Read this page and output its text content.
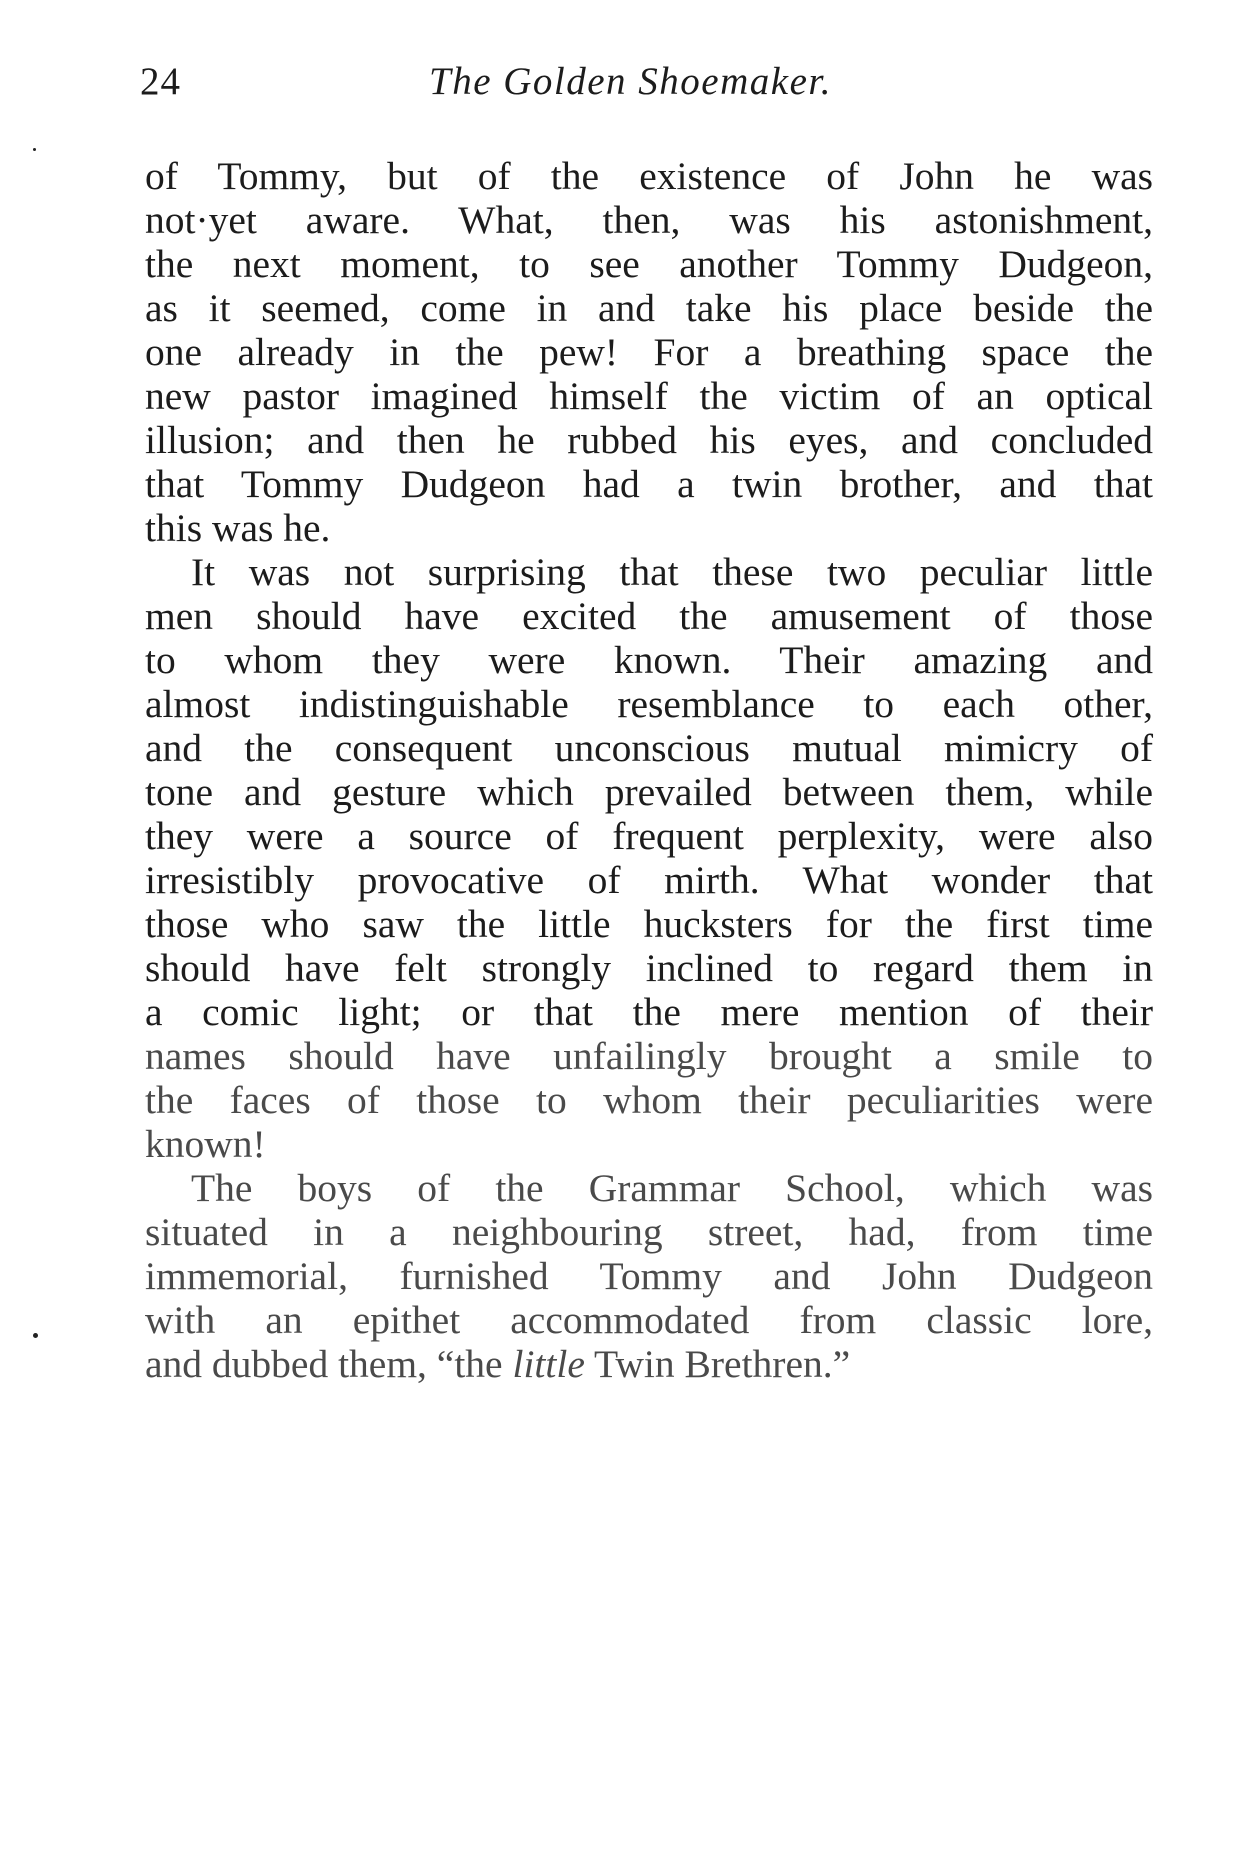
24	The Golden Shoemaker.
of Tommy, but of the existence of John he was
not·yet aware. What, then, was his astonishment,
the next moment, to see another Tommy Dudgeon,
as it seemed, come in and take his place beside the
one already in the pew! For a breathing space the
new pastor imagined himself the victim of an optical
illusion; and then he rubbed his eyes, and concluded
that Tommy Dudgeon had a twin brother, and that
this was he.
It was not surprising that these two peculiar little
men should have excited the amusement of those
to whom they were known. Their amazing and
almost indistinguishable resemblance to each other,
and the consequent unconscious mutual mimicry of
tone and gesture which prevailed between them, while
they were a source of frequent perplexity, were also
irresistibly provocative of mirth. What wonder that
those who saw the little hucksters for the first time
should have felt strongly inclined to regard them in
a comic light; or that the mere mention of their
names should have unfailingly brought a smile to
the faces of those to whom their peculiarities were
known!
The boys of the Grammar School, which was
situated in a neighbouring street, had, from time
immemorial, furnished Tommy and John Dudgeon
with an epithet accommodated from classic lore,
and dubbed them, “the little Twin Brethren.”
